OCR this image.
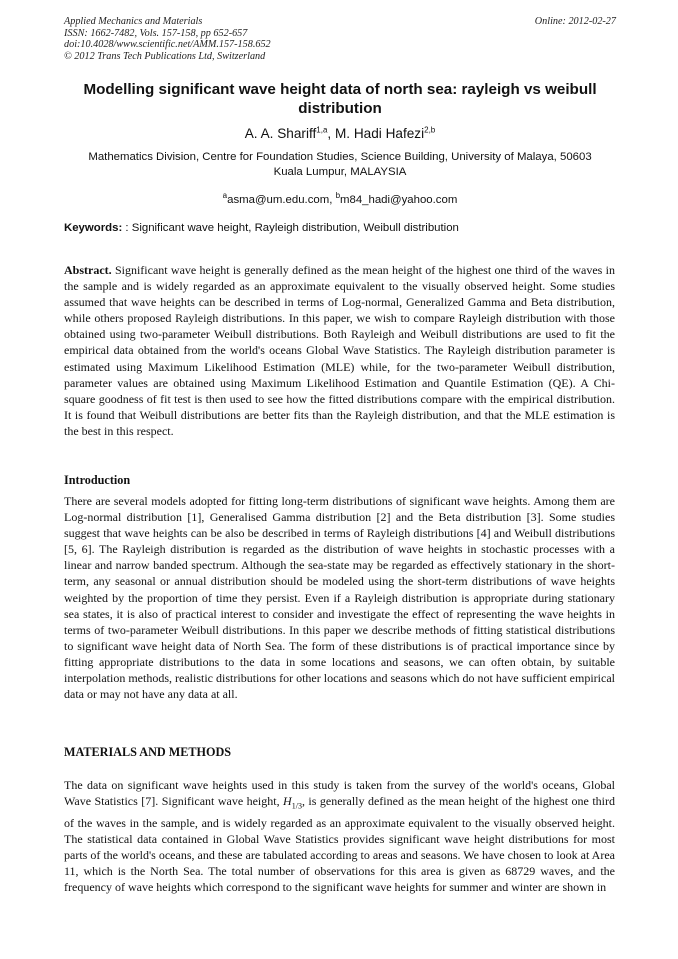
Applied Mechanics and Materials
ISSN: 1662-7482, Vols. 157-158, pp 652-657
doi:10.4028/www.scientific.net/AMM.157-158.652
© 2012 Trans Tech Publications Ltd, Switzerland
Online: 2012-02-27
Modelling significant wave height data of north sea: rayleigh vs weibull distribution
A. A. Shariff$^{1,a}$, M. Hadi Hafezi$^{2,b}$
Mathematics Division, Centre for Foundation Studies, Science Building, University of Malaya, 50603 Kuala Lumpur, MALAYSIA
$^a$asma@um.edu.com, $^b$m84_hadi@yahoo.com
Keywords: : Significant wave height, Rayleigh distribution, Weibull distribution
Abstract. Significant wave height is generally defined as the mean height of the highest one third of the waves in the sample and is widely regarded as an approximate equivalent to the visually observed height. Some studies assumed that wave heights can be described in terms of Log-normal, Generalized Gamma and Beta distribution, while others proposed Rayleigh distributions. In this paper, we wish to compare Rayleigh distribution with those obtained using two-parameter Weibull distributions. Both Rayleigh and Weibull distributions are used to fit the empirical data obtained from the world's oceans Global Wave Statistics. The Rayleigh distribution parameter is estimated using Maximum Likelihood Estimation (MLE) while, for the two-parameter Weibull distribution, parameter values are obtained using Maximum Likelihood Estimation and Quantile Estimation (QE). A Chi-square goodness of fit test is then used to see how the fitted distributions compare with the empirical distribution. It is found that Weibull distributions are better fits than the Rayleigh distribution, and that the MLE estimation is the best in this respect.
Introduction
There are several models adopted for fitting long-term distributions of significant wave heights. Among them are Log-normal distribution [1], Generalised Gamma distribution [2] and the Beta distribution [3]. Some studies suggest that wave heights can be also be described in terms of Rayleigh distributions [4] and Weibull distributions [5, 6]. The Rayleigh distribution is regarded as the distribution of wave heights in stochastic processes with a linear and narrow banded spectrum. Although the sea-state may be regarded as effectively stationary in the short-term, any seasonal or annual distribution should be modeled using the short-term distributions of wave heights weighted by the proportion of time they persist. Even if a Rayleigh distribution is appropriate during stationary sea states, it is also of practical interest to consider and investigate the effect of representing the wave heights in terms of two-parameter Weibull distributions. In this paper we describe methods of fitting statistical distributions to significant wave height data of North Sea. The form of these distributions is of practical importance since by fitting appropriate distributions to the data in some locations and seasons, we can often obtain, by suitable interpolation methods, realistic distributions for other locations and seasons which do not have sufficient empirical data or may not have any data at all.
MATERIALS AND METHODS
The data on significant wave heights used in this study is taken from the survey of the world's oceans, Global Wave Statistics [7]. Significant wave height, $H_{1/3}$, is generally defined as the mean height of the highest one third of the waves in the sample, and is widely regarded as an approximate equivalent to the visually observed height. The statistical data contained in Global Wave Statistics provides significant wave height distributions for most parts of the world's oceans, and these are tabulated according to areas and seasons. We have chosen to look at Area 11, which is the North Sea. The total number of observations for this area is given as 68729 waves, and the frequency of wave heights which correspond to the significant wave heights for summer and winter are shown in
